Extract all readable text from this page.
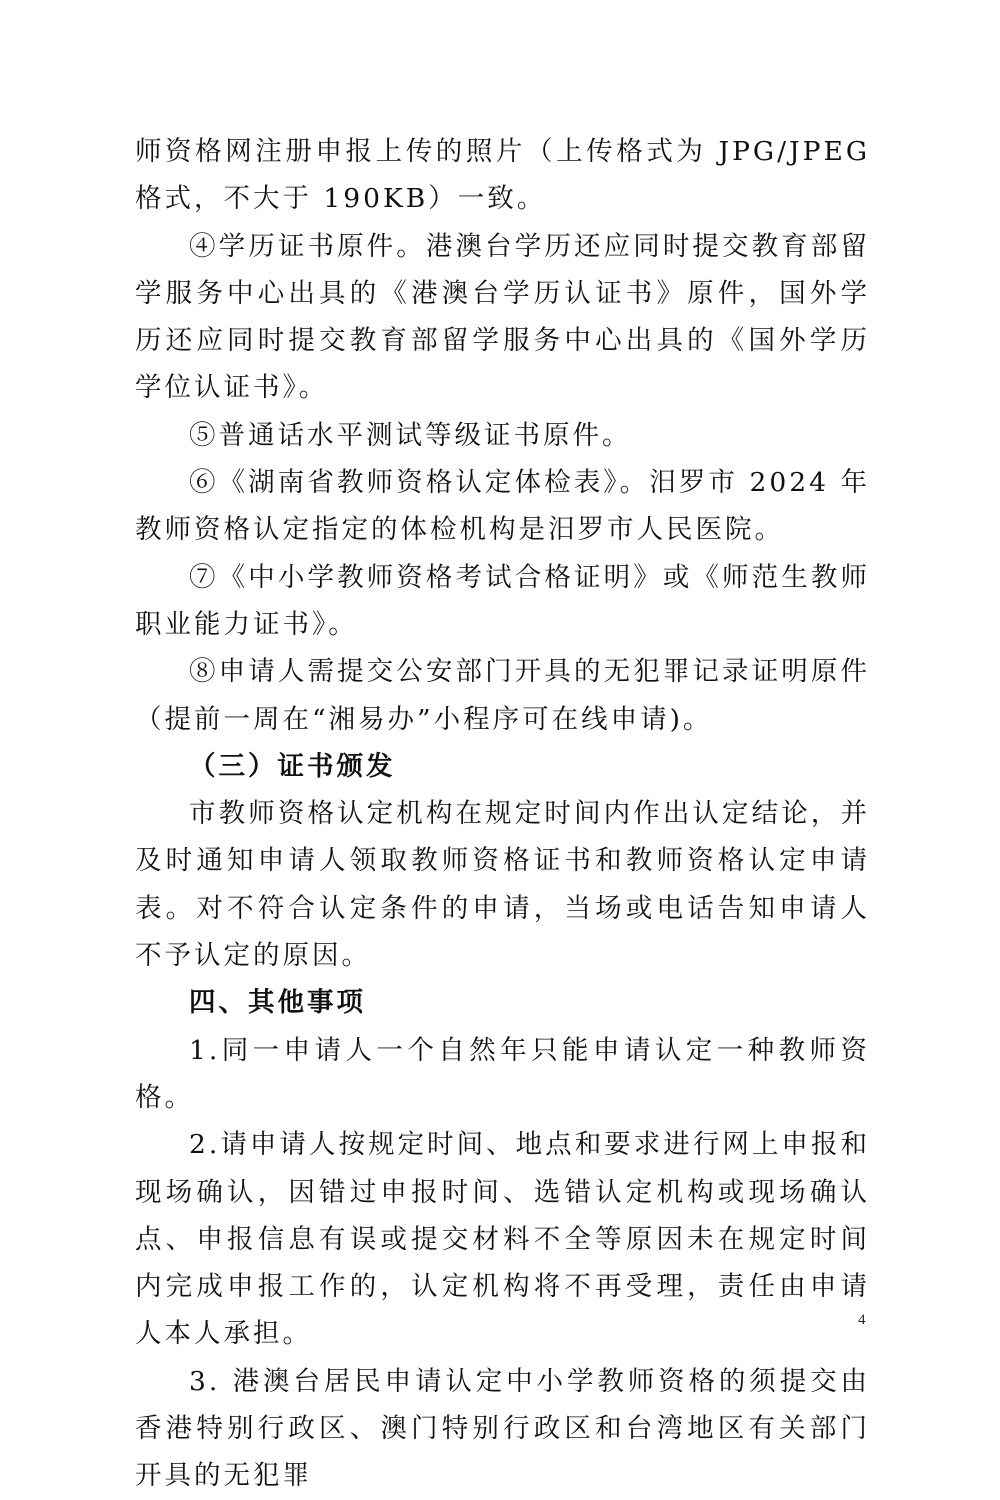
师资格网注册申报上传的照片（上传格式为 JPG/JPEG 格式，不大于 190KB）一致。

④学历证书原件。港澳台学历还应同时提交教育部留学服务中心出具的《港澳台学历认证书》原件，国外学历还应同时提交教育部留学服务中心出具的《国外学历学位认证书》。

⑤普通话水平测试等级证书原件。

⑥《湖南省教师资格认定体检表》。汨罗市 2024 年教师资格认定指定的体检机构是汨罗市人民医院。

⑦《中小学教师资格考试合格证明》或《师范生教师职业能力证书》。

⑧申请人需提交公安部门开具的无犯罪记录证明原件（提前一周在“湘易办”小程序可在线申请)。

（三）证书颁发

市教师资格认定机构在规定时间内作出认定结论，并及时通知申请人领取教师资格证书和教师资格认定申请表。对不符合认定条件的申请，当场或电话告知申请人不予认定的原因。

四、其他事项

1.同一申请人一个自然年只能申请认定一种教师资格。

2.请申请人按规定时间、地点和要求进行网上申报和现场确认，因错过申报时间、选错认定机构或现场确认点、申报信息有误或提交材料不全等原因未在规定时间内完成申报工作的，认定机构将不再受理，责任由申请人本人承担。

3. 港澳台居民申请认定中小学教师资格的须提交由香港特别行政区、澳门特别行政区和台湾地区有关部门开具的无犯罪

4
